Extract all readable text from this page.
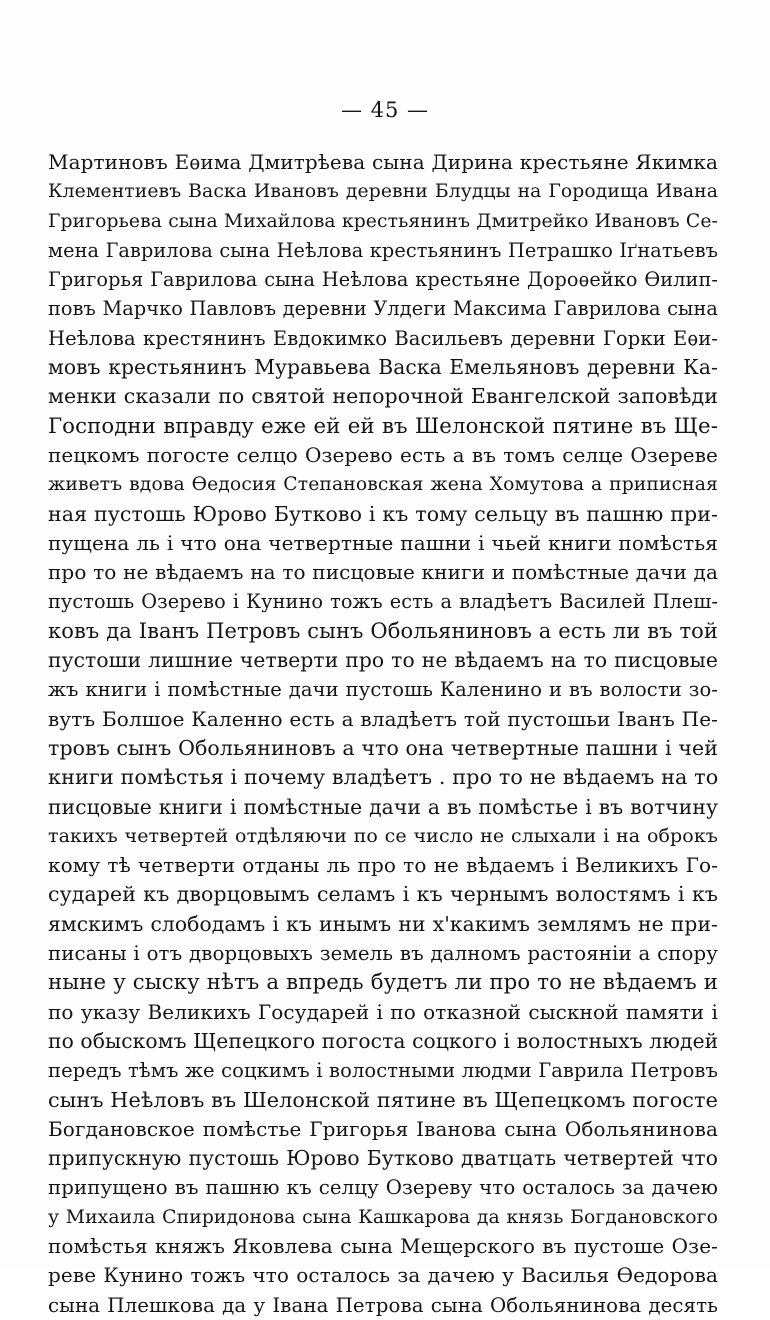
— 45 —
Мартиновъ Еѳима Дмитрѣева сына Дирина крестьяне Якимка
Клементиевъ Васка Ивановъ деревни Блудцы на Городища Ивана
Григорьева сына Михайлова крестьянинъ Дмитрейко Ивановъ Се-
мена Гаврилова сына Неѣлова крестьянинъ Петрашко Іґнатьевъ
Григорья Гаврилова сына Неѣлова крестьяне Дороѳейко Ѳилип-
повъ Марчко Павловъ деревни Улдеги Максима Гаврилова сына
Неѣлова крестянинъ Евдокимко Васильевъ деревни Горки Еѳи-
мовъ крестьянинъ Муравьева Васка Емельяновъ деревни Ка-
менки сказали по святой непорочной Евангелской заповѣди
Господни вправду еже ей ей въ Шелонской пятине въ Ще-
пецкомъ погосте селцо Озерево есть а въ томъ селце Озереве
живетъ вдова Ѳедосия Степановская жена Хомутова а приписная
ная пустошь Юрово Бутково і къ тому сельцу въ пашню при-
пущена ль і что она четвертные пашни і чьей книги помѣстья
про то не вѣдаемъ на то писцовые книги и помѣстные дачи да
пустошь Озерево і Кунино тожъ есть а владѣетъ Василей Плеш-
ковъ да Іванъ Петровъ сынъ Обольяниновъ а есть ли въ той
пустоши лишние четверти про то не вѣдаемъ на то писцовые
жъ книги і помѣстные дачи пустошь Каленино и въ волости зо-
вутъ Болшое Каленно есть а владѣетъ той пустошьи Іванъ Пе-
тровъ сынъ Обольяниновъ а что она четвертные пашни і чей
книги помѣстья і почему владѣетъ . про то не вѣдаемъ на то
писцовые книги і помѣстные дачи а въ помѣстье і въ вотчину
такихъ четвертей отдѣляючи по се число не слыхали і на оброкъ
кому тѣ четверти отданы ль про то не вѣдаемъ і Великихъ Го-
сударей къ дворцовымъ селамъ і къ чернымъ волостямъ і къ
ямскимъ слободамъ і къ инымъ ни х'какимъ землямъ не при-
писаны і отъ дворцовыхъ земель въ далномъ растояніи а спору
ныне у сыску нѣтъ а впредь будетъ ли про то не вѣдаемъ и
по указу Великихъ Государей і по отказной сыскной памяти і
по обыскомъ Щепецкого погоста соцкого і волостныхъ людей
передъ тѣмъ же соцкимъ і волостными людми Гаврила Петровъ
сынъ Неѣловъ въ Шелонской пятине въ Щепецкомъ погосте
Богдановское помѣстье Григорья Іванова сына Обольянинова
припускную пустошь Юрово Бутково дватцать четвертей что
припущено въ пашню къ селцу Озереву что осталось за дачею
у Михаила Спиридонова сына Кашкарова да князь Богдановского
помѣстья княжъ Яковлева сына Мещерского въ пустоше Озе-
реве Кунино тожъ что осталось за дачею у Василья Ѳедорова
сына Плешкова да у Івана Петрова сына Обольянинова десять
